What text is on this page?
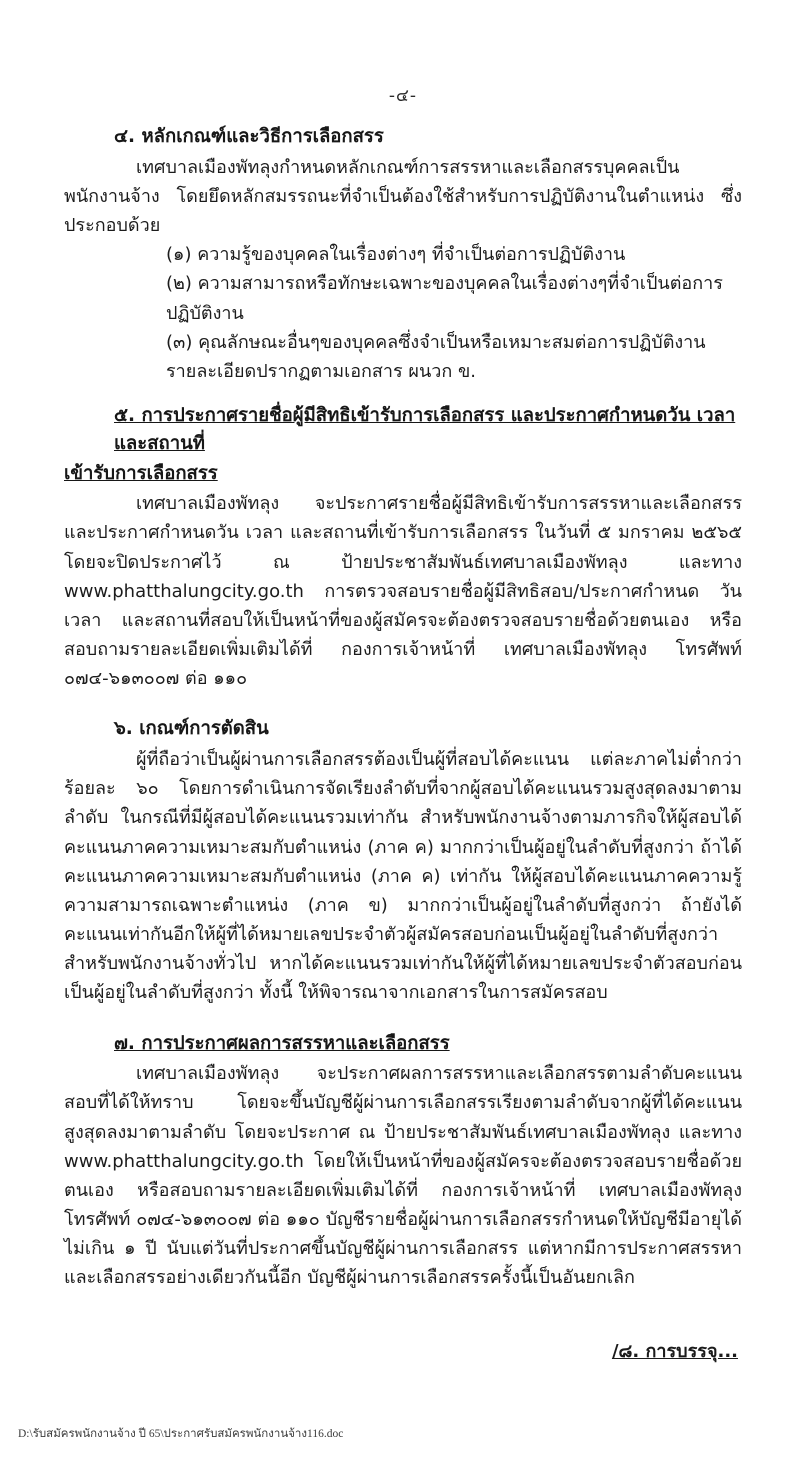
-๔-
๔. หลักเกณฑ์และวิธีการเลือกสรร

เทศบาลเมืองพัทลุงกำหนดหลักเกณฑ์การสรรหาและเลือกสรรบุคคลเป็นพนักงานจ้าง โดยยึดหลักสมรรถนะที่จำเป็นต้องใช้สำหรับการปฏิบัติงานในตำแหน่ง ซึ่งประกอบด้วย

(๑) ความรู้ของบุคคลในเรื่องต่างๆ ที่จำเป็นต่อการปฏิบัติงาน
(๒) ความสามารถหรือทักษะเฉพาะของบุคคลในเรื่องต่างๆที่จำเป็นต่อการปฏิบัติงาน
(๓) คุณลักษณะอื่นๆของบุคคลซึ่งจำเป็นหรือเหมาะสมต่อการปฏิบัติงาน
รายละเอียดปรากฏตามเอกสาร ผนวก ข.
๕. การประกาศรายชื่อผู้มีสิทธิเข้ารับการเลือกสรร และประกาศกำหนดวัน เวลา และสถานที่
เข้ารับการเลือกสรร

เทศบาลเมืองพัทลุง จะประกาศรายชื่อผู้มีสิทธิเข้ารับการสรรหาและเลือกสรร และประกาศกำหนดวัน เวลา และสถานที่เข้ารับการเลือกสรร ในวันที่ ๕ มกราคม ๒๕๖๕ โดยจะปิดประกาศไว้ ณ ป้ายประชาสัมพันธ์เทศบาลเมืองพัทลุง และทาง www.phatthalungcity.go.th การตรวจสอบรายชื่อผู้มีสิทธิสอบ/ประกาศกำหนด วัน เวลา และสถานที่สอบให้เป็นหน้าที่ของผู้สมัครจะต้องตรวจสอบรายชื่อด้วยตนเอง หรือสอบถามรายละเอียดเพิ่มเติมได้ที่ กองการเจ้าหน้าที่ เทศบาลเมืองพัทลุง โทรศัพท์ ๐๗๔-๖๑๓๐๐๗ ต่อ ๑๑๐

๖. เกณฑ์การตัดสิน

ผู้ที่ถือว่าเป็นผู้ผ่านการเลือกสรรต้องเป็นผู้ที่สอบได้คะแนน แต่ละภาคไม่ต่ำกว่าร้อยละ ๖๐ โดยการดำเนินการจัดเรียงลำดับที่จากผู้สอบได้คะแนนรวมสูงสุดลงมาตามลำดับ ในกรณีที่มีผู้สอบได้คะแนนรวมเท่ากัน สำหรับพนักงานจ้างตามภารกิจให้ผู้สอบได้คะแนนภาคความเหมาะสมกับตำแหน่ง (ภาค ค) มากกว่าเป็นผู้อยู่ในลำดับที่สูงกว่า ถ้าได้คะแนนภาคความเหมาะสมกับตำแหน่ง (ภาค ค) เท่ากัน ให้ผู้สอบได้คะแนนภาคความรู้ความสามารถเฉพาะตำแหน่ง (ภาค ข) มากกว่าเป็นผู้อยู่ในลำดับที่สูงกว่า ถ้ายังได้คะแนนเท่ากันอีกให้ผู้ที่ได้หมายเลขประจำตัวผู้สมัครสอบก่อนเป็นผู้อยู่ในลำดับที่สูงกว่า สำหรับพนักงานจ้างทั่วไป หากได้คะแนนรวมเท่ากันให้ผู้ที่ได้หมายเลขประจำตัวสอบก่อนเป็นผู้อยู่ในลำดับที่สูงกว่า ทั้งนี้ ให้พิจารณาจากเอกสารในการสมัครสอบ

๗. การประกาศผลการสรรหาและเลือกสรร

เทศบาลเมืองพัทลุง จะประกาศผลการสรรหาและเลือกสรรตามลำดับคะแนนสอบที่ได้ให้ทราบ โดยจะขึ้นบัญชีผู้ผ่านการเลือกสรรเรียงตามลำดับจากผู้ที่ได้คะแนนสูงสุดลงมาตามลำดับ โดยจะประกาศ ณ ป้ายประชาสัมพันธ์เทศบาลเมืองพัทลุง และทาง www.phatthalungcity.go.th โดยให้เป็นหน้าที่ของผู้สมัครจะต้องตรวจสอบรายชื่อด้วยตนเอง หรือสอบถามรายละเอียดเพิ่มเติมได้ที่ กองการเจ้าหน้าที่ เทศบาลเมืองพัทลุง โทรศัพท์ ๐๗๔-๖๑๓๐๐๗ ต่อ ๑๑๐ บัญชีรายชื่อผู้ผ่านการเลือกสรรกำหนดให้บัญชีมีอายุได้ไม่เกิน ๑ ปี นับแต่วันที่ประกาศขึ้นบัญชีผู้ผ่านการเลือกสรร แต่หากมีการประกาศสรรหาและเลือกสรรอย่างเดียวกันนี้อีก บัญชีผู้ผ่านการเลือกสรรครั้งนี้เป็นอันยกเลิก

/๘. การบรรจุ...
D:\รับสมัครพนักงานจ้าง ปี 65\ประกาศรับสมัครพนักงานจ้าง116.doc
